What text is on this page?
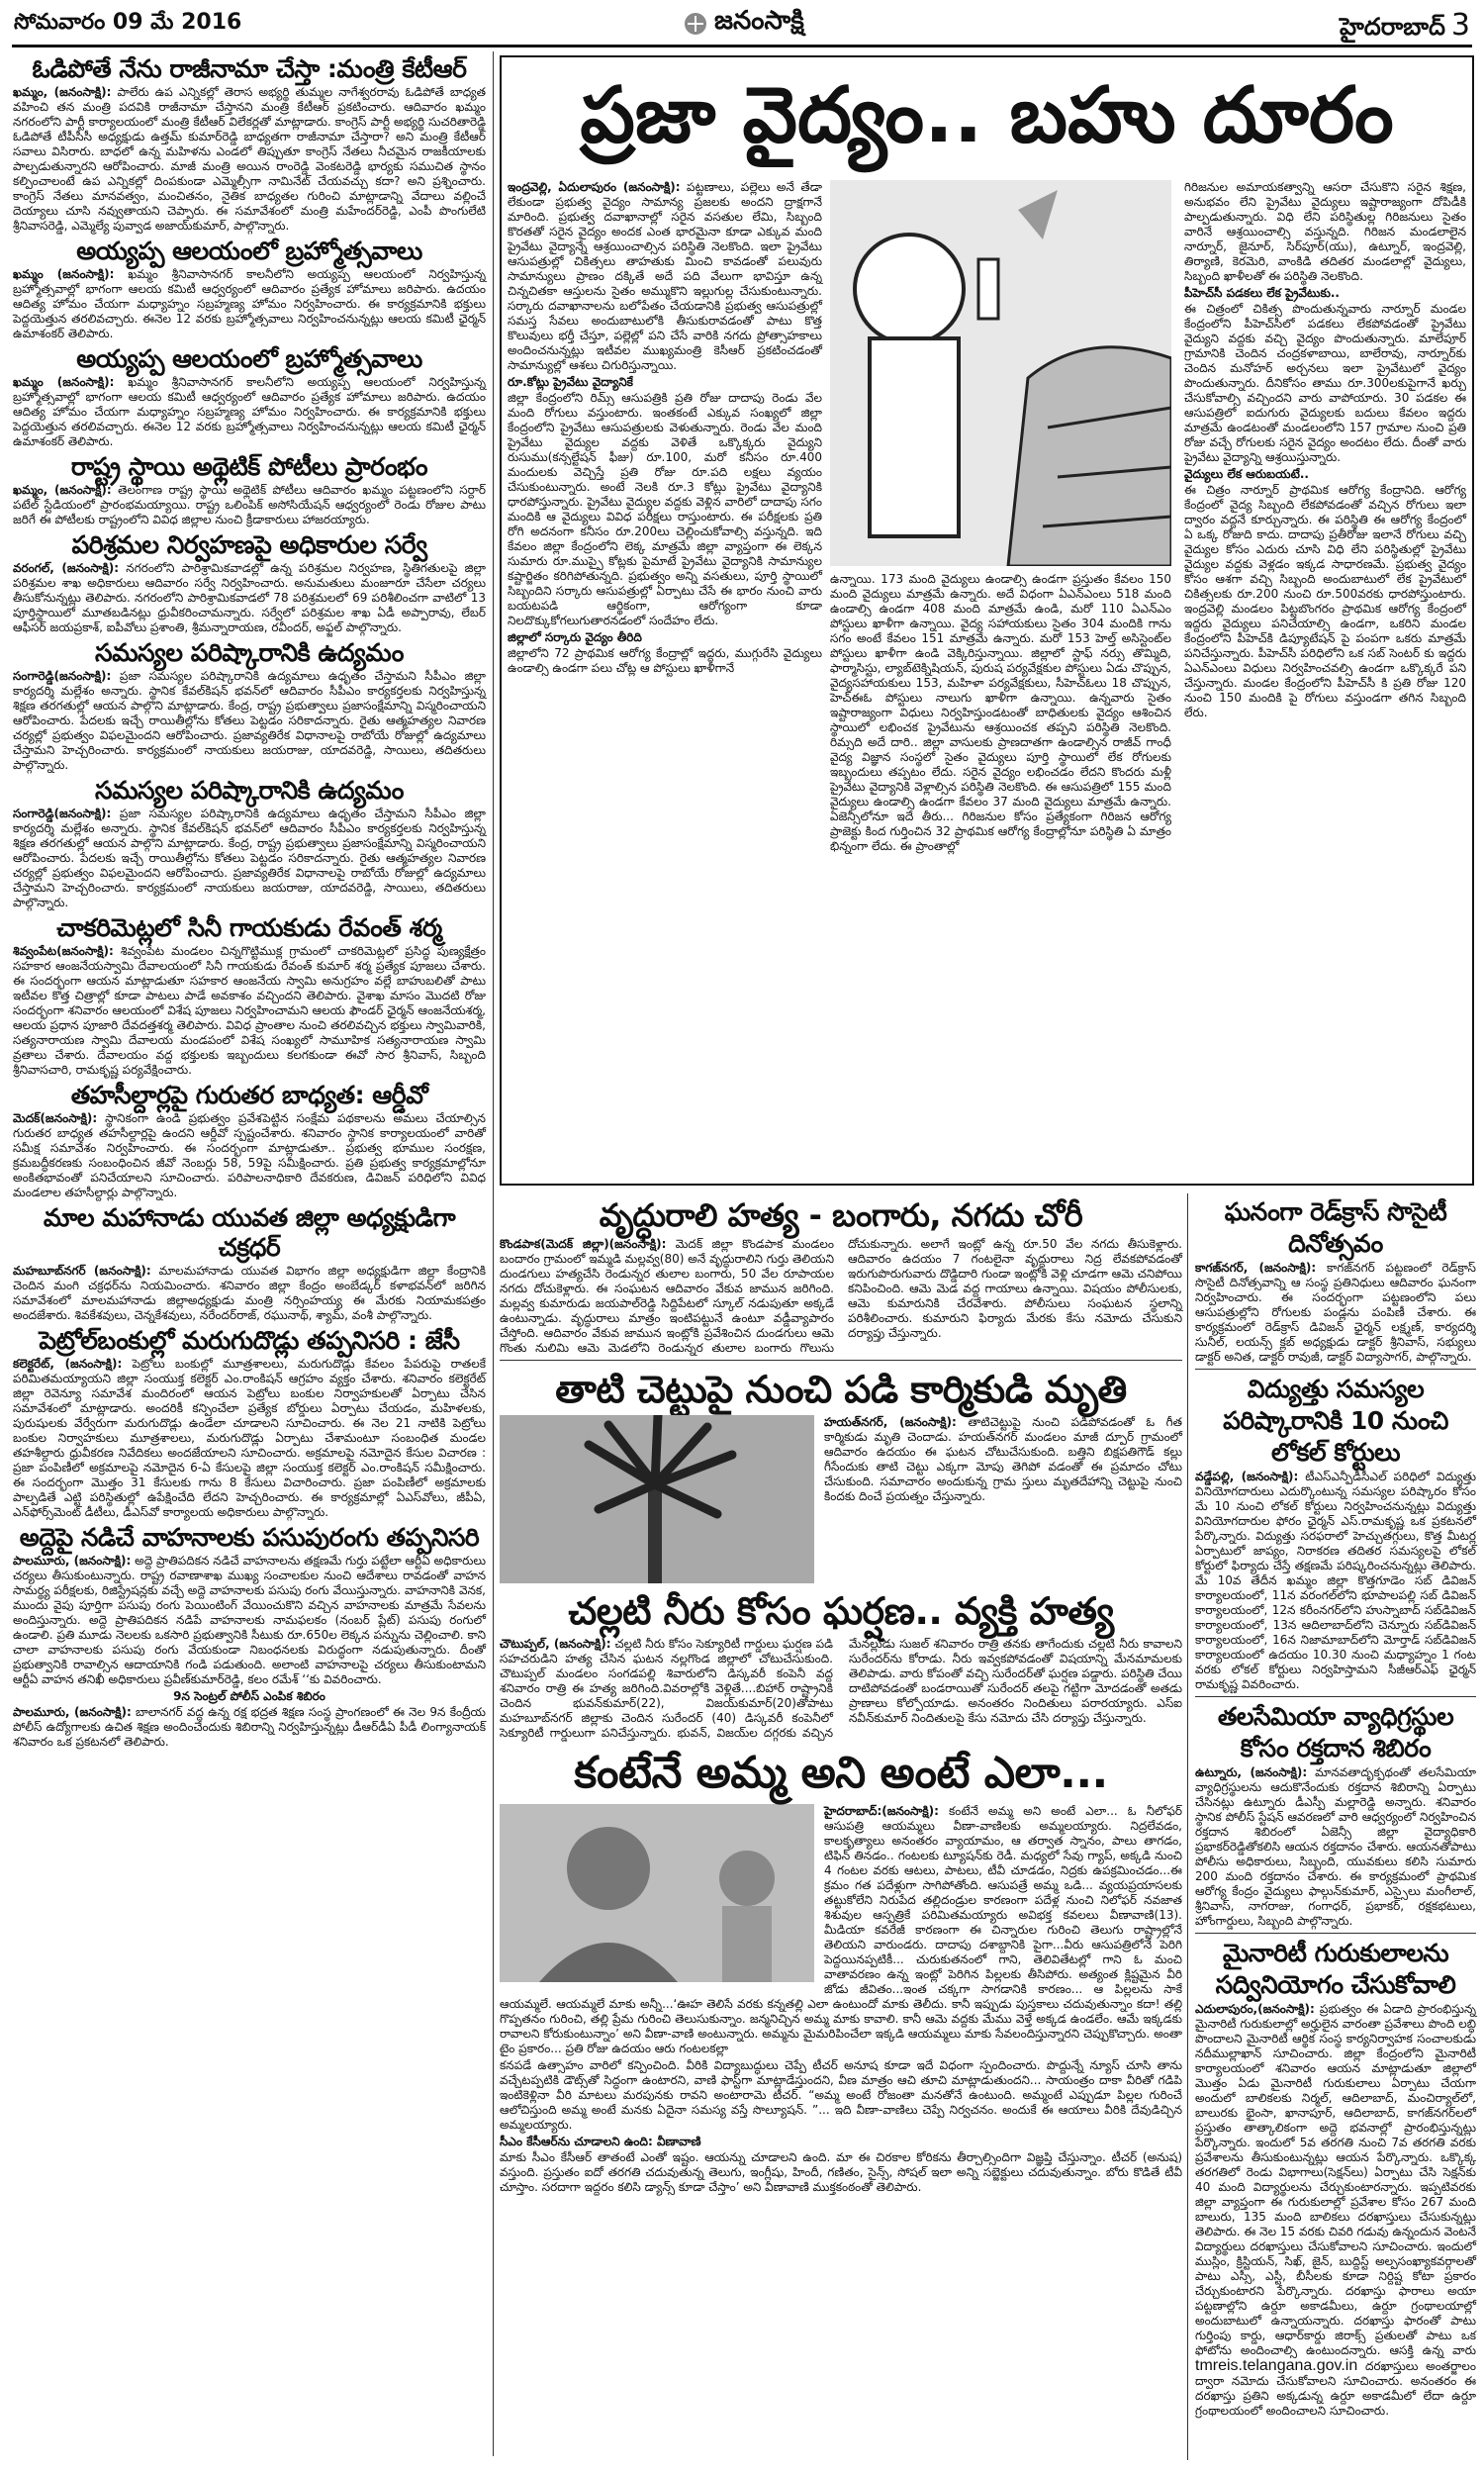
సోమవారం 09 మే 2016	జనంసాక్షి	హైదరాబాద్ 3
ఓడిపోతే నేను రాజీనామా చేస్తా :మంత్రి కేటీఆర్

ఖమ్మం, (జనంసాక్షి): పాలేరు ఉప ఎన్నికల్లో తెరాస అభ్యర్థి తుమ్మల నాగేశ్వరరావు ఓడిపోతే బాధ్యత వహించి తన మంత్రి పదవికి రాజీనామా చేస్తానని మంత్రి కేటీఆర్ ప్రకటించారు. ఆదివారం ఖమ్మం నగరంలోని పార్టీ కార్యాలయంలో మంత్రి కేటీఆర్ విలేకర్లతో మాట్లాడారు. కాంగ్రెస్ పార్టీ అభ్యర్థి సుచరితారెడ్డి ఓడిపోతే టీపీసీసీ అధ్యక్షుడు ఉత్తమ్ కుమార్‌రెడ్డి బాధ్యతగా రాజీనామా చేస్తారా? అని మంత్రి కేటీఆర్ సవాలు విసిరారు. బాధలో ఉన్న మహిళను ఎండలో తిప్పుతూ కాంగ్రెస్ నేతలు నీచమైన రాజకీయాలకు పాల్పడుతున్నారని ఆరోపించారు. మాజీ మంత్రి అయిన రాంరెడ్డి వెంకటరెడ్డి భార్యకు సముచిత స్థానం కల్పించాలంటే ఉప ఎన్నికల్లో దింపకుండా ఎమ్మెల్సీగా నామినేట్ చేయవచ్చు కదా? అని ప్రశ్నించారు. కాంగ్రెస్ నేతలు మానవత్వం, మంచితనం, నైతిక బాధ్యతల గురించి మాట్లాడాన్ని వేదాలు వల్లించే దెయ్యాలు చూసి నవ్వుతాయని చెప్పారు. ఈ సమావేశంలో మంత్రి మహేందర్‌రెడ్డి, ఎంపీ పొంగులేటి శ్రీనివాసరెడ్డి, ఎమ్మెల్యే పువ్వాడ అజాయ్‌కుమార్, పాల్గొన్నారు.

అయ్యప్ప ఆలయంలో బ్రహ్మోత్సవాలు

ఖమ్మం (జనంసాక్షి): ఖమ్మం శ్రీనివాసానగర్ కాలనీలోని అయ్యప్ప ఆలయంలో నిర్వహిస్తున్న బ్రహ్మోత్సవాల్లో భాగంగా ఆలయ కమిటీ ఆధ్వర్యంలో ఆదివారం ప్రత్యేక హోమాలు జరిపారు. ఉదయం ఆదిత్య హోమం చేయగా మధ్యాహ్నం సబ్రహ్మణ్య హోమం నిర్వహించారు. ఈ కార్యక్రమానికి భక్తులు పెద్దయెత్తున తరలివచ్చారు. ఈనెల 12 వరకు బ్రహ్మోత్సవాలు నిర్వహించనున్నట్లు ఆలయ కమిటీ ఛైర్మన్ ఉమాశంకర్ తెలిపారు.

అయ్యప్ప ఆలయంలో బ్రహ్మోత్సవాలు

ఖమ్మం (జనంసాక్షి): ఖమ్మం శ్రీనివాసానగర్ కాలనీలోని అయ్యప్ప ఆలయంలో నిర్వహిస్తున్న బ్రహ్మోత్సవాల్లో భాగంగా ఆలయ కమిటీ ఆధ్వర్యంలో ఆదివారం ప్రత్యేక హోమాలు జరిపారు. ఉదయం ఆదిత్య హోమం చేయగా మధ్యాహ్నం సబ్రహ్మణ్య హోమం నిర్వహించారు. ఈ కార్యక్రమానికి భక్తులు పెద్దయెత్తున తరలివచ్చారు. ఈనెల 12 వరకు బ్రహ్మోత్సవాలు నిర్వహించనున్నట్లు ఆలయ కమిటీ ఛైర్మన్ ఉమాశంకర్ తెలిపారు.

రాష్ట్ర స్థాయి అథ్లెటిక్ పోటీలు ప్రారంభం

ఖమ్మం, (జనంసాక్షి): తెలంగాణ రాష్ట్ర స్థాయి అథ్లెటిక్ పోటీలు ఆదివారం ఖమ్మం పట్టణంలోని సర్దార్ పటేల్ స్టేడియంలో ప్రారంభమయ్యాయి. రాష్ట్ర ఒలింపిక్ అసోసియేషన్ ఆధ్వర్యంలో రెండు రోజుల పాటు జరిగే ఈ పోటీలకు రాష్ట్రంలోని వివిధ జిల్లాల నుంచి క్రీడాకారులు హాజరయ్యారు.

పరిశ్రమల నిర్వహణపై అధికారుల సర్వే

వరంగల్, (జనంసాక్షి): నగరంలోని పారిశ్రామికవాడల్లో ఉన్న పరిశ్రమల నిర్వహణ, స్థితిగతులపై జిల్లా పరిశ్రమల శాఖ అధికారులు ఆదివారం సర్వే నిర్వహించారు. అనుమతులు మంజూరూ చేసేలా చర్యలు తీసుకోనున్నట్లు తెలిపారు. నగరంలోని పారిశ్రామికవాడలో 78 పరిశ్రమలలో 69 పరిశీలించగా వాటిలో 13 పూర్తిస్థాయిలో మూతబడినట్లు ధ్రువీకరించామన్నారు. సర్వేలో పరిశ్రమల శాఖ ఏడీ అప్పారావు, లేబర్ ఆఫీసర్ జయప్రకాశ్, ఐపీవోలు ప్రశాంతి, శ్రీమన్నారాయణ, రవీందర్, అఫ్జల్ పాల్గొన్నారు.

సమస్యల పరిష్కారానికి ఉద్యమం

సంగారెడ్డి(జనంసాక్షి): ప్రజా సమస్యల పరిష్కారానికి ఉద్యమాలు ఉధృతం చేస్తామని సీపీఎం జిల్లా కార్యదర్శి మల్లేశం అన్నారు. స్థానిక కేవల్‌కిషన్ భవన్‌లో ఆదివారం సీపీఎం కార్యకర్తలకు నిర్వహిస్తున్న శిక్షణ తరగతుల్లో ఆయన పాల్గొని మాట్లాడారు. కేంద్ర, రాష్ట్ర ప్రభుత్వాలు ప్రజాసంక్షేమాన్ని విస్మరించాయని ఆరోపించారు. పేదలకు ఇచ్చే రాయితీల్లోను కోతలు పెట్టడం సరికాదన్నారు. రైతు ఆత్మహత్యల నివారణ చర్యల్లో ప్రభుత్వం విఫలమైందని ఆరోపించారు. ప్రజావ్యతిరేక విధానాలపై రాబోయే రోజుల్లో ఉద్యమాలు చేస్తామని హెచ్చరించారు. కార్యక్రమంలో నాయకులు జయరాజు, యాదవరెడ్డి, సాయిలు, తదితరులు పాల్గొన్నారు.

సమస్యల పరిష్కారానికి ఉద్యమం

సంగారెడ్డి(జనంసాక్షి): ప్రజా సమస్యల పరిష్కారానికి ఉద్యమాలు ఉధృతం చేస్తామని సీపీఎం జిల్లా కార్యదర్శి మల్లేశం అన్నారు. స్థానిక కేవల్‌కిషన్ భవన్‌లో ఆదివారం సీపీఎం కార్యకర్తలకు నిర్వహిస్తున్న శిక్షణ తరగతుల్లో ఆయన పాల్గొని మాట్లాడారు. కేంద్ర, రాష్ట్ర ప్రభుత్వాలు ప్రజాసంక్షేమాన్ని విస్మరించాయని ఆరోపించారు. పేదలకు ఇచ్చే రాయితీల్లోను కోతలు పెట్టడం సరికాదన్నారు. రైతు ఆత్మహత్యల నివారణ చర్యల్లో ప్రభుత్వం విఫలమైందని ఆరోపించారు. ప్రజావ్యతిరేక విధానాలపై రాబోయే రోజుల్లో ఉద్యమాలు చేస్తామని హెచ్చరించారు. కార్యక్రమంలో నాయకులు జయరాజు, యాదవరెడ్డి, సాయిలు, తదితరులు పాల్గొన్నారు.

చాకరిమెట్లలో సినీ గాయకుడు రేవంత్ శర్మ

శివ్వంపేట(జనంసాక్షి): శివ్వంపేట మండలం చిన్నగొట్టిముక్ల గ్రామంలో చాకరిమెట్లలో ప్రసిద్ధ పుణ్యక్షేత్రం సహకార ఆంజనేయస్వామి దేవాలయంలో సినీ గాయకుడు రేవంత్ కుమార్ శర్మ ప్రత్యేక పూజలు చేశారు. ఈ సందర్భంగా ఆయన మాట్లాడుతూ సహకార ఆంజనేయ స్వామి అనుగ్రహం వల్లే బాహుబలితో పాటు ఇటీవల కొత్త చిత్రాల్లో కూడా పాటలు పాడే అవకాశం వచ్చిందని తెలిపారు. వైశాఖ మాసం మొదటి రోజు సందర్భంగా శనివారం ఆలయంలో విశేష పూజలు నిర్వహించామని ఆలయ ఫౌండర్ ఛైర్మన్ ఆంజనేయశర్మ, ఆలయ ప్రధాన పూజారి దేవదత్తశర్మ తెలిపారు. వివిధ ప్రాంతాల నుంచి తరలివచ్చిన భక్తులు స్వామివారికి, సత్యనారాయణ స్వామి దేవాలయ మండపంలో విశేష సంఖ్యలో సామూహిక సత్యనారాయణ స్వామి వ్రతాలు చేశారు. దేవాలయం వద్ద భక్తులకు ఇబ్బందులు కలగకుండా ఈవో సార శ్రీనివాస్, సిబ్బంది శ్రీనివాసచారి, రామకృష్ణ పర్యవేక్షించారు.

తహసీల్దార్లపై గురుతర బాధ్యత: ఆర్డీవో

మెదక్(జనంసాక్షి): స్థానికంగా ఉండి ప్రభుత్వం ప్రవేశపెట్టిన సంక్షేమ పథకాలను అమలు చేయాల్సిన గురుతర బాధ్యత తహసీల్దార్లపై ఉందని ఆర్డీవో స్పష్టంచేశారు. శనివారం స్థానిక కార్యాలయంలో వారితో సమీక్ష సమావేశం నిర్వహించారు. ఈ సందర్భంగా మాట్లాడుతూ.. ప్రభుత్వ భూముల సంరక్షణ, క్రమబద్ధీకరణకు సంబంధించిన జీవో నెంబర్లు 58, 59పై సమీక్షించారు. ప్రతి ప్రభుత్వ కార్యక్రమాల్లోనూ అంకితభావంతో పనిచేయాలని సూచించారు. పరిపాలనాధికారి దేవకరుణ, డివిజన్ పరిధిలోని వివిధ మండలాల తహసీల్దార్లు పాల్గొన్నారు.

మాల మహానాడు యువత జిల్లా అధ్యక్షుడిగా చక్రధర్

మహబూబ్‌నగర్ (జనంసాక్షి): మాలమహానాడు యువత విభాగం జిల్లా అధ్యక్షుడిగా జిల్లా కేంద్రానికి చెందిన మంగి చక్రధర్‌ను నియమించారు. శనివారం జిల్లా కేంద్రం అంబేడ్కర్ కళాభవన్‌లో జరిగిన సమావేశంలో మాలమహానాడు జిల్లాఅధ్యక్షుడు మంత్రి నర్సింహయ్య ఈ మేరకు నియామకపత్రం అందజేశారు. శివకేశవులు, చెన్నకేశవులు, నరేందర్‌రాజ్, రఘునాథ్, శ్యామ్, వంశీ పాల్గొన్నారు.

పెట్రోల్‌బంకుల్లో మరుగుదొడ్లు తప్పనిసరి : జేసీ

కలెక్టరేట్, (జనంసాక్షి): పెట్రోలు బంకుల్లో మూత్రశాలలు, మరుగుదొడ్లు కేవలం పేపరుపై రాతలకే పరిమితమయ్యాయని జిల్లా సంయుక్త కలెక్టర్ ఎం.రాంకిషన్ ఆగ్రహం వ్యక్తం చేశారు. శనివారం కలెక్టరేట్ జిల్లా రెవెన్యూ సమావేశ మందిరంలో ఆయన పెట్రోలు బంకుల నిర్వాహకులతో ఏర్పాటు చేసిన సమావేశంలో మాట్లాడారు. అందరికీ కన్పించేలా ప్రత్యేక బోర్డులు ఏర్పాటు చేయడం, మహిళలకు, పురుషులకు వేర్వేరుగా మరుగుదొడ్లు ఉండేలా చూడాలని సూచించారు. ఈ నెల 21 నాటికి పెట్రోలు బంకుల నిర్వాహకులు మూత్రశాలలు, మరుగుదొడ్లు ఏర్పాటు చేశామంటూ సంబంధిత మండల తహశీల్దారు ధ్రువీకరణ నివేదికలు అందజేయాలని సూచించారు. అక్రమాలపై నమోదైన కేసుల విచారణ : ప్రజా పంపిణీలో అక్రమాలపై నమోదైన 6-ఏ కేసులపై జిల్లా సంయుక్త కలెక్టర్ ఎం.రాంకిషన్ సమీక్షించారు. ఈ సందర్భంగా మొత్తం 31 కేసులకు గాను 8 కేసులు విచారించారు. ప్రజా పంపిణీలో అక్రమాలకు పాల్పడితే ఎట్టి పరిస్థితుల్లో ఉపేక్షించేది లేదని హెచ్చరించారు. ఈ కార్యక్రమాల్లో ఏఎస్‌వోలు, జీపీఏ, ఎన్‌ఫోర్స్‌మెంట్ డీటీలు, డీఎస్‌వో కార్యాలయ అధికారులు పాల్గొన్నారు.

అద్దెపై నడిచే వాహనాలకు పసుపురంగు తప్పనిసరి

పాలమూరు, (జనంసాక్షి): అద్దె ప్రాతిపదికన నడిచే వాహనాలను తక్షణమే గుర్తు పట్టేలా ఆర్టీఏ అధికారులు చర్యలు తీసుకుంటున్నారు. రాష్ట్ర రవాణాశాఖ ముఖ్య సంచాలకుల నుంచి ఆదేశాలు రావడంతో వాహన సామర్థ్య పరీక్షలకు, రిజిస్ట్రేషన్లకు వచ్చే అద్దె వాహనాలకు పసుపు రంగు వేయిస్తున్నారు. వాహనానికి వెనక, ముందు వైపు పూర్తిగా పసుపు రంగు పెయింటింగ్ వేయించుకొని వచ్చిన వాహనాలకు మాత్రమే సేవలను అందిస్తున్నారు. అద్దె ప్రాతిపదికన నడిపే వాహనాలకు నామఫలకం (నంబర్ ప్లేట్) పసుపు రంగులో ఉండాలి. ప్రతి మూడు నెలలకు ఒకసారి ప్రభుత్వానికి సీటుకు రూ.650ల లెక్కన పన్నును చెల్లించాలి. కాని చాలా వాహనాలకు పసుపు రంగు వేయకుండా నిబంధనలకు విరుద్ధంగా నడుపుతున్నారు. దీంతో ప్రభుత్వానికి రావాల్సిన ఆదాయానికి గండి పడుతుంది. అలాంటి వాహనాలపై చర్యలు తీసుకుంటామని ఆర్టీఏ వాహన తనిఖీ అధికారులు ప్రవీణ్‌కుమార్‌రెడ్డి, కలం రమేశ్ ‘‘కు వివరించారు.

9న సెంట్రల్ పోలీస్ ఎంపిక శిబిరం

పాలమూరు, (జనంసాక్షి): బాలానగర్ వద్ద ఉన్న రక్ష భద్రత శిక్షణ సంస్థ ప్రాంగణంలో ఈ నెల 9న కేంద్రీయ పోలీస్ ఉద్యోగాలకు ఉచిత శిక్షణ అందించేందుకు శిబిరాన్ని నిర్వహిస్తున్నట్లు డీఆర్‌డీఏ పీడీ లింగ్యానాయక్ శనివారం ఒక ప్రకటనలో తెలిపారు.

ప్రజా వైద్యం.. బహు దూరం

ఇంద్రవెల్లి, ఏదులాపురం (జనంసాక్షి): పట్టణాలు, పల్లెలు అనే తేడా లేకుండా ప్రభుత్వ వైద్యం సామాన్య ప్రజలకు అందని ద్రాక్షగానే మారింది. ప్రభుత్వ దవాఖానాల్లో సరైన వసతుల లేమి, సిబ్బంది కొరతతో సరైన వైద్యం అందక ఎంత భారమైనా కూడా ఎక్కువ మంది ప్రైవేటు వైద్యాన్నే ఆశ్రయించాల్సిన పరిస్థితి నెలకొంది. ఇలా ప్రైవేటు ఆసుపత్రుల్లో చికిత్సలు తాహతుకు మించి కావడంతో పలువురు సామాన్యులు ప్రాణం దక్కితే అదే పది వేలుగా భావిస్తూ ఉన్న చిన్నచితకా ఆస్తులను సైతం అమ్ముకొని ఇల్లుగుల్ల చేసుకుంటున్నారు. సర్కారు దవాఖానాలను బలోపేతం చేయడానికి ప్రభుత్వ ఆసుపత్రుల్లో సమస్త సేవలు అందుబాటులోకి తీసుకురావడంతో పాటు కొత్త కొలువులు భర్తీ చేస్తూ, పల్లెల్లో పని చేసే వారికి నగదు ప్రోత్సాహకాలు అందించనున్నట్లు ఇటీవల ముఖ్యమంత్రి కెసీఆర్ ప్రకటించడంతో సామాన్యుల్లో ఆశలు చిగురిస్తున్నాయి.

రూ.కోట్లు ప్రైవేటు వైద్యానికే

జిల్లా కేంద్రంలోని రిమ్స్ ఆసుపత్రికి ప్రతి రోజు దాదాపు రెండు వేల మంది రోగులు వస్తుంటారు. ఇంతకంటే ఎక్కువ సంఖ్యలో జిల్లా కేంద్రంలోని ప్రైవేటు ఆసుపత్రులకు వెళుతున్నారు. రెండు వేల మంది ప్రైవేటు వైద్యుల వద్దకు వెళితే ఒక్కొక్కరు వైద్యుని రుసుము(కన్సల్టేషన్ ఫీజు) రూ.100, మరో కనీసం రూ.400 మందులకు వెచ్చిస్తే ప్రతి రోజు రూ.పది లక్షలు వ్యయం చేసుకుంటున్నారు. అంటే నెలకి రూ.3 కోట్లు ప్రైవేటు వైద్యానికి ధారపోస్తున్నారు. ప్రైవేటు వైద్యుల వద్దకు వెళ్లిన వారిలో దాదాపు సగం మందికి ఆ వైద్యులు వివిధ పరీక్షలు రాస్తుంటారు. ఈ పరీక్షలకు ప్రతి రోగి అదనంగా కనీసం రూ.200లు చెల్లించుకోవాల్సి వస్తున్నది. ఇది కేవలం జిల్లా కేంద్రంలోని లెక్క మాత్రమే జిల్లా వ్యాప్తంగా ఈ లెక్కన సుమారు రూ.ముప్పై కోట్లకు పైమాటే ప్రైవేటు వైద్యానికి సామాన్యుల కష్టార్జితం కరిగిపోతున్నది. ప్రభుత్వం అన్ని వసతులు, పూర్తి స్థాయిలో సిబ్బందిని సర్కారు ఆసుపత్రుల్లో ఏర్పాటు చేసే ఈ భారం నుంచి వారు బయటపడి ఆర్థికంగా, ఆరోగ్యంగా కూడా నిలదొక్కుకోగలుగుతారనడంలో సందేహం లేదు.

జిల్లాలో సర్కారు వైద్యం తీరిది

జిల్లాలోని 72 ప్రాథమిక ఆరోగ్య కేంద్రాల్లో ఇద్దరు, ముగ్గురేసి వైద్యులు ఉండాల్సి ఉండగా పలు చోట్ల ఆ పోస్టులు ఖాళీగానే

ఉన్నాయి. 173 మంది వైద్యులు ఉండాల్సి ఉండగా ప్రస్తుతం కేవలం 150 మంది వైద్యులు మాత్రమే ఉన్నారు. అదే విధంగా ఏఎన్‌ఎంలు 518 మంది ఉండాల్సి ఉండగా 408 మంది మాత్రమే ఉండి, మరో 110 ఏఎన్‌ఎం పోస్టులు ఖాళీగా ఉన్నాయి. వైద్య సహాయకులు సైతం 304 మందికి గాను సగం అంటే కేవలం 151 మాత్రమే ఉన్నారు. మరో 153 హెల్త్ అసిస్టెంట్‌ల పోస్టులు ఖాళీగా ఉండి వెక్కిరిస్తున్నాయి. జిల్లాలో స్టాఫ్ నర్సు తొమ్మిది, ఫార్మాసిస్టు, ల్యాబ్‌టెక్నిషియన్, పురుష పర్యవేక్షకుల పోస్టులు ఏడు చొప్పున, వైద్యసహాయకులు 153, మహిళా పర్యవేక్షకులు, సీహెచ్‌ఓలు 18 చొప్పున, హెచ్‌ఈఓ పోస్టులు నాలుగు ఖాళీగా ఉన్నాయి. ఉన్నవారు సైతం ఇష్టారాజ్యంగా విధులు నిర్వహిస్తుండటంతో బాధితులకు వైద్యం ఆశించిన స్థాయిలో లభించక ప్రైవేటును ఆశ్రయించక తప్పని పరిస్థితి నెలకొంది. రిమ్సది అదే దారి.. జిల్లా వాసులకు ప్రాణదాతగా ఉండాల్సిన రాజీవ్ గాంధీ వైద్య విజ్ఞాన సంస్థలో సైతం వైద్యులు పూర్తి స్థాయిలో లేక రోగులకు ఇబ్బందులు తప్పటం లేదు. సరైన వైద్యం లభించడం లేదని కొందరు మళ్లీ ప్రైవేటు వైద్యానికి వెళ్లాల్సిన పరిస్థితి నెలకొంది. ఈ ఆసుపత్రిలో 155 మంది వైద్యులు ఉండాల్సి ఉండగా కేవలం 37 మంది వైద్యులు మాత్రమే ఉన్నారు. ఏజెన్సీలోనూ ఇదే తీరు... గిరిజనుల కోసం ప్రత్యేకంగా గిరిజన ఆరోగ్య ప్రాజెక్టు కింద గుర్తించిన 32 ప్రాథమిక ఆరోగ్య కేంద్రాల్లోనూ పరిస్థితి ఏ మాత్రం భిన్నంగా లేదు. ఈ ప్రాంతాల్లో

గిరిజనుల అమాయకత్వాన్ని ఆసరా చేసుకొని సరైన శిక్షణ, అనుభవం లేని ప్రైవేటు వైద్యులు ఇష్టారాజ్యంగా దోపిడీకి పాల్పడుతున్నారు. విధి లేని పరిస్థితుల్ల గిరిజనులు సైతం వారినే ఆశ్రయించాల్సి వస్తున్నది. గిరిజన మండలాలైన నార్నూర్, జైనూర్, సిర్‌పూర్(యు), ఉట్నూర్, ఇంద్రవెల్లి, తిర్యాణి, కెరమెరి, వాంకిడి తదితర మండలాల్లో వైద్యులు, సిబ్బంది ఖాళీలతో ఈ పరిస్థితి నెలకొంది.

పీహెచ్‌సీ పడకలు లేక ప్రైవేటుకు..

ఈ చిత్రంలో చికిత్స పొందుతున్నవారు నార్నూర్ మండల కేంద్రంలోని పీహెచ్‌సీలో పడకలు లేకపోవడంతో ప్రైవేటు వైద్యుని వద్దకు వచ్చి వైద్యం పొందుతున్నారు. మాలేపూర్ గ్రామానికి చెందిన చంద్రకళాబాయి, బాలేరావు, నార్నూర్‌కు చెందిన మనోహర్ అర్చనలు ఇలా ప్రైవేటులో వైద్యం పొందుతున్నారు. దీనికోసం తాము రూ.300లకుపైగానే ఖర్చు చేసుకోవాల్సి వచ్చిందని వారు వాపోయారు. 30 పడకల ఈ ఆసుపత్రిలో ఐదుగురు వైద్యులకు బదులు కేవలం ఇద్దరు మాత్రమే ఉండటంతో మండలంలోని 157 గ్రామాల నుంచి ప్రతి రోజు వచ్చే రోగులకు సరైన వైద్యం అందటం లేదు. దీంతో వారు ప్రైవేటు వైద్యాన్ని ఆశ్రయిస్తున్నారు.

వైద్యులు లేక ఆరుబయటే..

ఈ చిత్రం నార్నూర్ ప్రాథమిక ఆరోగ్య కేంద్రానిది. ఆరోగ్య కేంద్రంలో వైద్య సిబ్బంది లేకపోవడంతో వచ్చిన రోగులు ఇలా ద్వారం వద్దనే కూర్చున్నారు. ఈ పరిస్థితి ఈ ఆరోగ్య కేంద్రంలో ఏ ఒక్క రోజుది కాదు. దాదాపు ప్రతీరోజు ఇలానే రోగులు వచ్చి వైద్యుల కోసం ఎదురు చూసి విధి లేని పరిస్థితుల్లో ప్రైవేటు వైద్యుల వద్దకు వెళ్లడం ఇక్కడ సాధారణమే. ప్రభుత్వ వైద్యం కోసం ఆశగా వచ్చి సిబ్బంది అందుబాటులో లేక ప్రైవేటులో చికిత్సలకు రూ.200 నుంచి రూ.500వరకు ధారపోస్తుంటారు. ఇంద్రవెల్లి మండలం పిట్టబొంగరం ప్రాథమిక ఆరోగ్య కేంద్రంలో ఇద్దరు వైద్యులు పనిచేయాల్సి ఉండగా, ఒకరిని మండల కేంద్రంలోని పీహెచ్‌కి డిప్యూటేషన్ పై పంపగా ఒకరు మాత్రమే పనిచేస్తున్నారు. పీహెచ్‌సీ పరిధిలోని ఒక సబ్ సెంటర్ కు ఇద్దరు ఏఎన్‌ఎంలు విధులు నిర్వహించవల్సి ఉండగా ఒక్కొక్కరే పని చేస్తున్నారు. మండల కేంద్రంలోని పీహెచ్‌సీ కి ప్రతి రోజు 120 నుంచి 150 మందికి పై రోగులు వస్తుండగా తగిన సిబ్బంది లేరు.

వృద్ధురాలి హత్య - బంగారు, నగదు చోరీ

కొండపాక(మెదక్ జిల్లా)(జనంసాక్షి): మెదక్ జిల్లా కొండపాక మండలం బందారం గ్రామంలో ఇమ్మడి మల్లవ్వ(80) అనే వృద్ధురాలిని గుర్తు తెలియని దుండగులు హత్యచేసి రెండున్నర తులాల బంగారు, 50 వేల రూపాయల నగదు దోచుకెళ్లారు. ఈ సంఘటన ఆదివారం వేకువ జామున జరిగింది. మల్లవ్వ కుమారుడు జయపాల్‌రెడ్డి సిద్దిపేటలో స్కూల్ నడుపుతూ అక్కడే ఉంటున్నాడు. వృద్ధురాలు మాత్రం ఇంటిపట్టునే ఉంటూ వడ్డీవ్యాపారం చేస్తోంది. ఆదివారం వేకువ జామున ఇంట్లోకి ప్రవేశించిన దుండగులు ఆమె గొంతు నులిమి ఆమె మెడలోని రెండున్నర తులాల బంగారు గొలుసు దోచుకున్నారు. అలాగే ఇంట్లో ఉన్న రూ.50 వేల నగదు తీసుకెళ్లారు. ఆదివారం ఉదయం 7 గంటలైనా వృద్ధురాలు నిద్ర లేవకపోవడంతో ఇరుగుపొరుగువారు దొడ్డిదారి గుండా ఇంట్లోకి వెళ్లి చూడగా ఆమె చనిపోయి కనిపించింది. ఆమె మెడ వద్ద గాయాలు ఉన్నాయి. విషయం పోలీసులకు, ఆమె కుమారునికి చేరవేశారు. పోలీసులు సంఘటన స్థలాన్ని పరిశీలించారు. కుమారుని ఫిర్యాదు మేరకు కేసు నమోదు చేసుకుని దర్యాప్తు చేస్తున్నారు.

తాటి చెట్టుపై నుంచి పడి కార్మికుడి మృతి

హయత్‌నగర్, (జనంసాక్షి): తాటిచెట్టుపై నుంచి పడిపోవడంతో ఓ గీత కార్మికుడు మృతి చెందాడు. హయత్‌నగర్ మండలం మాజీ ద్పూర్ గ్రామంలో ఆదివారం ఉదయం ఈ ఘటన చోటుచేసుకుంది. బత్తిని బిక్షపతిగౌడ్ కల్లు గీసేందుకు తాటి చెట్టు ఎక్కగా మోపు తెగిపో వడంతో ఈ ప్రమాదం చోటు చేసుకుంది. సమాచారం అందుకున్న గ్రామ స్తులు మృతదేహాన్ని చెట్టుపై నుంచి కిందకు దించే ప్రయత్నం చేస్తున్నారు.

చల్లటి నీరు కోసం ఘర్షణ.. వ్యక్తి హత్య

చౌటుప్పల్, (జనంసాక్షి): చల్లటి నీరు కోసం సెక్యూరిటీ గార్డులు ఘర్షణ పడి సహచరుడిని హత్య చేసిన ఘటన నల్లగొండ జిల్లాలో చోటుచేసుకుంది. చౌటుప్పల్ మండలం సంగడపల్లి శివారులోని డిస్కవరీ కంపెనీ వద్ద శనివారం రాత్రి ఈ హత్య జరిగింది.వివరాల్లోకి వెళ్లితే....బిహార్ రాష్ట్రానికి చెందిన భువన్‌కుమార్(22), విజయ్‌కుమార్(20)తోపాటు మహబూబ్‌నగర్ జిల్లాకు చెందిన సురేందర్ (40) డిస్కవరీ కంపెనీలో సెక్యూరిటీ గార్డులుగా పనిచేస్తున్నారు. భువన్, విజయ్‌ల దగ్గరకు వచ్చిన మేనల్లుడు సుజల్ శనివారం రాత్రి తనకు తాగేందుకు చల్లటి నీరు కావాలని సురేందర్‌ను కోరాడు. నీరు ఇవ్వకపోవడంతో విషయాన్ని మేనమామలకు తెలిపాడు. వారు కోపంతో వచ్చి సురేందర్‌తో ఘర్షణ పడ్డారు. పరిస్థితి చేయి దాటిపోవడంతో బండరాయితో సురేందర్ తలపై గట్టిగా మోదడంతో అతడు ప్రాణాలు కోల్పోయాడు. అనంతరం నిందితులు పరారయ్యారు. ఎస్‌ఐ నవీన్‌కుమార్ నిందితులపై కేసు నమోదు చేసి దర్యాప్తు చేస్తున్నారు.

కంటేనే అమ్మ అని అంటే ఎలా...

హైదరాబాద్:(జనంసాక్షి): కంటేనే అమ్మ అని అంటే ఎలా... ఓ నీలోఫర్ ఆసుపత్రి ఆయమ్మలు వీణా-వాణిలకు అమ్మలయ్యారు. నిద్రలేవడం, కాలకృత్యాలు అనంతరం వ్యాయామం, ఆ తర్వాత స్నానం, పాలు తాగడం, టిఫిన్ తినడం.. గంటలకు ట్యూషన్‌కు రెడీ. మధ్యలో సేవు గ్యాప్, అక్కడి నుంచి 4 గంటల వరకు ఆటలు, పాటలు, టీవీ చూడడం, నిద్రకు ఉపక్రమించడం...ఈ క్రమం గత పదేళ్లుగా సాగిపోతోంది. ఆసుపత్రే అమ్మ ఒడి... వ్యయప్రయాసలకు తట్టుకోలేని నిరుపేద తల్లిదండ్రుల కారణంగా పదేళ్ల నుంచి నిలోఫర్ నవజాత శిశువుల ఆస్పత్రికే పరిమితమయ్యారు అవిభక్త కవలలు వీణావాణి(13). మీడియా కవరేజీ కారణంగా ఈ చిన్నారుల గురించి తెలుగు రాష్ట్రాల్లోనే తెలియని వారుండరు. దాదాపు దశాబ్దానికి పైగా...వీరు ఆసుపత్రిలోనే పెరిగి పెద్దయినప్పటికీ... చురుకుతనంలో గాని, తెలివితేటల్లో గాని ఓ మంచి వాతావరణం ఉన్న ఇంట్లో పెరిగిన పిల్లలకు తీసిపోరు. అత్యంత క్లిష్టమైన వీరి జోడు జీవితం...ఇంత చక్కగా సాగడానికి కారణం... ఆ పిల్లలను సాకే ఆయమ్మలే. ఆయమ్మలే మాకు అన్నీ...‘ఊహ తెలిసే వరకు కన్నతల్లి ఎలా ఉంటుందో మాకు తెలీదు. కానీ ఇప్పుడు పుస్తకాలు చదువుతున్నాం కదా! తల్లి గొప్పతనం గురించి, తల్లి ప్రేమ గురించి తెలుసుకున్నాం. జన్మనిచ్చిన అమ్మ మాకు కావాలి. కానీ ఆమె వద్దకు మేము వెళ్తే అక్కడ ఉండలేం. ఆమే ఇక్కడకు రావాలని కోరుకుంటున్నాం’ అని వీణా-వాణి అంటున్నారు. అమ్మను మైమరిపించేలా ఇక్కడి ఆయమ్మలు మాకు సేవలందిస్తున్నారని చెప్పుకొచ్చారు. అంతా టైం ప్రకారం... ప్రతి రోజు ఉదయం ఆరు గంటలకల్లా

కనపడే ఉత్సాహం వారిలో కన్పించింది. వీరికి విద్యాబుద్ధులు చెప్పే టీచర్ అనూష కూడా ఇదే విధంగా స్పందించారు. పొద్దున్నే న్యూస్ చూసి తాను వచ్చేటప్పటికి డౌట్స్‌తో సిద్ధంగా ఉంటారని, వాణి ఫాస్ట్‌గా మాట్లాడేస్తుందని, వీణ మాత్రం ఆచి తూచి మాట్లాడుతుందని... సాయంత్రం దాకా వీరితో గడిపి ఇంటికెళ్లినా వీరి మాటలు మరపునకు రావని అంటారామె టీచర్. “అమ్మ అంటే రోజంతా మనతోనే ఉంటుంది. అమ్మంటే ఎప్పుడూ పిల్లల గురించే ఆలోచిస్తుంది అమ్మ అంటే మనకు ఏదైనా సమస్య వస్తే సొల్యూషన్. ”... ఇది వీణా-వాణిలు చెప్పే నిర్వచనం. అందుకే ఈ ఆయాలు వీరికి దేవుడిచ్చిన అమ్మలయ్యారు.

సీఎం కేసీఆర్‌ను చూడాలని ఉంది: వీణావాణి

మాకు సీఎం కేసీఆర్ తాతంటే ఎంతో ఇష్టం. ఆయన్ను చూడాలని ఉంది. మా ఈ చిరకాల కోరికను తీర్చాల్సిందిగా విజ్ఞప్తి చేస్తున్నాం. టీచర్ (అనుష) వస్తుంది. ప్రస్తుతం ఐదో తరగతి చదువుతున్న తెలుగు, ఇంగ్లీషు, హిందీ, గణితం, సైన్స్, సోషల్ ఇలా అన్ని సబ్జెక్టులు చదువుతున్నాం. బోరు కొడితే టీవీ చూస్తాం. సరదాగా ఇద్దరం కలిసి డ్యాన్స్ కూడా చేస్తాం’ అని వీణావాణి ముక్తకంఠంతో తెలిపారు.

ఘనంగా రెడ్‌క్రాస్ సొసైటీ దినోత్సవం

కాగజ్‌నగర్, (జనంసాక్షి): కాగజ్‌నగర్ పట్టణంలో రెడ్‌క్రాస్ సొసైటీ దినోత్సవాన్ని ఆ సంస్థ ప్రతినిధులు ఆదివారం ఘనంగా నిర్వహించారు. ఈ సందర్భంగా పట్టణంలోని పలు ఆసుపత్రుల్లోని రోగులకు పండ్లను పంపిణీ చేశారు. ఈ కార్యక్రమంలో రెడ్‌క్రాస్ డివిజన్ ఛైర్మన్ లక్ష్మణ్, కార్యదర్శి సునీల్, లయన్స్ క్లబ్ అధ్యక్షుడు డాక్టర్ శ్రీనివాస్, సభ్యులు డాక్టర్ అనిత, డాక్టర్ రావుజీ, డాక్టర్ విద్యాసాగర్, పాల్గొన్నారు.

విద్యుత్తు సమస్యల పరిష్కారానికి 10 నుంచి లోకల్ కోర్టులు

వడ్డేపల్లి, (జనంసాక్షి): టీఎస్‌ఎన్పీడీసీఎల్ పరిధిలో విద్యుత్తు వినియోగదారులు ఎదుర్కొంటున్న సమస్యల పరిష్కారం కోసం మే 10 నుంచి లోకల్ కోర్టులు నిర్వహించనున్నట్లు విద్యుత్తు వినియోగదారుల ఫోరం ఛైర్మన్ ఎస్.రామకృష్ణ ఒక ప్రకటనలో పేర్కొన్నారు. విద్యుత్తు సరఫరాలో హెచ్చుతగ్గులు, కొత్త మీటర్ల ఏర్పాటులో జాప్యం, నిరాకరణ తదితర సమస్యలపై లోకల్ కోర్టులో ఫిర్యాదు చేస్తే తక్షణమే పరిష్కరించనున్నట్లు తెలిపారు. మే 10వ తేదీన ఖమ్మం జిల్లా కొత్తగూడెం సబ్ డివిజన్ కార్యాలయంలో, 11న వరంగల్‌లోని భూపాలపల్లి సబ్ డివిజన్ కార్యాలయంలో, 12న కరీంనగర్‌లోని హుస్నాబాద్ సబ్‌డివిజన్ కార్యాలయంలో, 13న ఆదిలాబాద్‌లోని చెన్నూరు సబ్‌డివిజన్ కార్యాలయంలో, 16న నిజామాబాద్‌లోని మోర్తాడ్ సబ్‌డివిజన్ కార్యాలయంలో ఉదయం 10.30 నుంచి మధ్యాహ్నం 1 గంట వరకు లోకల్ కోర్టులు నిర్వహిస్తామని సీజీఆర్‌ఎఫ్ ఛైర్మన్ రామకృష్ణ వివరించారు.

తలసేమియా వ్యాధిగ్రస్థుల కోసం రక్తదాన శిబిరం

ఉట్నూరు, (జనంసాక్షి): మానవతాదృక్పథంతో తలసేమియా వ్యాధిగ్రస్థులను ఆదుకొనేందుకు రక్తదాన శిబిరాన్ని ఏర్పాటు చేసినట్లు ఉట్నూరు డీఎస్పీ మల్లారెడ్డి అన్నారు. శనివారం స్థానిక పోలీస్ స్టేషన్ ఆవరణలో వారి ఆధ్వర్యంలో నిర్వహించిన రక్తదాన శిబిరంలో ఏజెన్సీ జిల్లా వైద్యాధికారి ప్రభాకర్‌రెడ్డితోకలిసి ఆయన రక్తదానం చేశారు. ఆయనతోపాటు పోలీసు అధికారులు, సిబ్బంది, యువకులు కలిసి సుమారు 200 మంది రక్తదానం చేశారు. ఈ కార్యక్రమంలో ప్రాథమిక ఆరోగ్య కేంద్రం వైద్యులు ఫాల్గున్‌కుమార్, ఎస్సైలు మంగీలాల్, శ్రీనివాస్, నాగరాజు, గంగాధర్, ప్రభాకర్, రక్షకభటులు, హోంగార్డులు, సిబ్బంది పాల్గొన్నారు.

మైనారిటీ గురుకులాలను సద్వినియోగం చేసుకోవాలి

ఎదులాపురం,(జనంసాక్షి): ప్రభుత్వం ఈ ఏడాది ప్రారంభిస్తున్న మైనారిటీ గురుకులాల్లో అర్హులైన వారంతా ప్రవేశాలు పొంది లబ్ధి పొందాలని మైనారిటీ ఆర్థిక సంస్థ కార్యనిర్వాహక సంచాలకుడు నదీముల్లాఖాన్ సూచించారు. జిల్లా కేంద్రంలోని మైనారిటీ కార్యాలయంలో శనివారం ఆయన మాట్లాడుతూ జిల్లాలో మొత్తం ఏడు మైనారిటీ గురుకులాలు ఏర్పాటు చేయగా అందులో బాలికలకు నిర్మల్, ఆదిలాబాద్, మంచిర్యాల్‌లో, బాలురకు భైంసా, ఖానాపూర్, ఆదిలాబాద్, కాగజ్‌నగర్‌లలో ప్రస్తుతం తాత్కాలికంగా అద్దె భవనాల్లో ప్రారంభిస్తున్నట్లు పేర్కొన్నారు. ఇందులో 5వ తరగతి నుంచి 7వ తరగతి వరకు ప్రవేశాలను తీసుకుంటున్నట్లు ఆయన పేర్కొన్నారు. ఒక్కొక్క తరగతిలో రెండు విభాగాలు(సెక్షన్‌లు) ఏర్పాటు చేసి సెక్షన్‌కు 40 మంది విద్యార్థులను చేర్చుకుంటారన్నారు. ఇప్పటివరకు జిల్లా వ్యాప్తంగా ఈ గురుకులాల్లో ప్రవేశాల కోసం 267 మంది బాలురు, 135 మంది బాలికలు దరఖాస్తులు చేసుకున్నట్లు తెలిపారు. ఈ నెల 15 వరకు చివరి గడువు ఉన్నందున వెంటనే విద్యార్థులు దరఖాస్తులు చేసుకోవాలని సూచించారు. ఇందులో ముస్లిం, క్రిస్టియన్, సిఖ్, జైన్, బుద్దిస్ట్ అల్పసంఖ్యాకవర్గాలతో పాటు ఎస్సీ, ఎస్టీ, బీసీలకు కూడా నిర్దిష్ట కోటా ప్రకారం చేర్చుకుంటారని పేర్కొన్నారు. దరఖాస్తు ఫారాలు అయా పట్టణాల్లోని ఉర్దూ అకాడమీలు, ఉర్దూ గ్రంథాలయాల్లో అందుబాటులో ఉన్నాయన్నారు. దరఖాస్తు ఫారంతో పాటు గుర్తింపు కార్డు, ఆధార్‌కార్డు జిరాక్స్ ప్రతులతో పాటు ఒక ఫోటోను అందించాల్సి ఉంటుందన్నారు. ఆసక్తి ఉన్న వారు tmreis.telangana.gov.in దరఖాస్తులు అంతర్జాలం ద్వారా నమోదు చేసుకోవాలని సూచించారు. అనంతరం ఈ దరఖాస్తు ప్రతిని అక్కడున్న ఉర్దూ అకాడమీలో లేదా ఉర్దూ గ్రంథాలయంలో అందించాలని సూచించారు.
